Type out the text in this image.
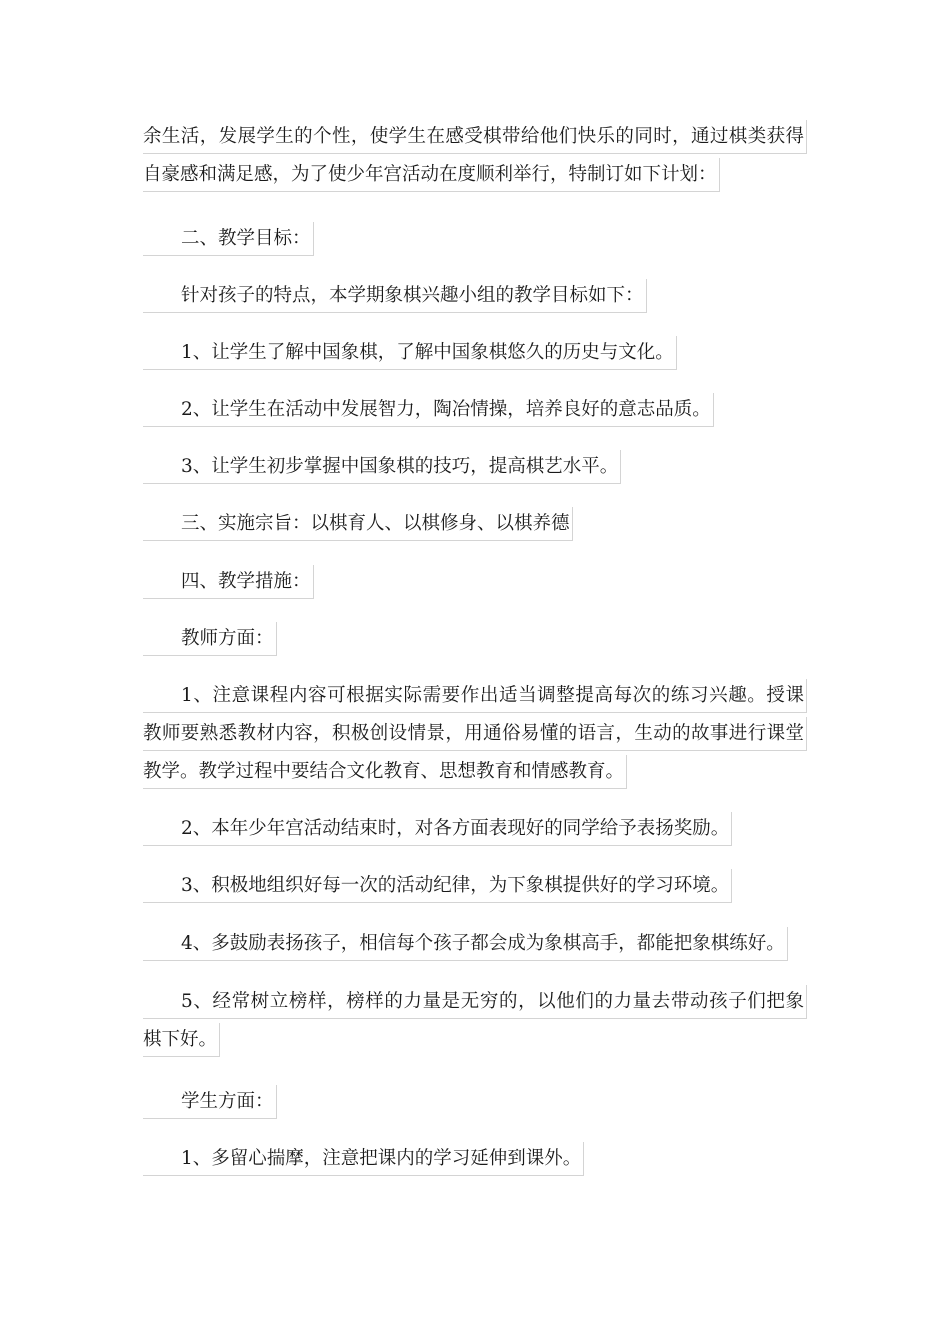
余生活，发展学生的个性，使学生在感受棋带给他们快乐的同时，通过棋类获得
自豪感和满足感，为了使少年宫活动在度顺利举行，特制订如下计划：
二、教学目标：
针对孩子的特点，本学期象棋兴趣小组的教学目标如下：
1、让学生了解中国象棋，了解中国象棋悠久的历史与文化。
2、让学生在活动中发展智力，陶冶情操，培养良好的意志品质。
3、让学生初步掌握中国象棋的技巧，提高棋艺水平。
三、实施宗旨：以棋育人、以棋修身、以棋养德
四、教学措施：
教师方面：
1、注意课程内容可根据实际需要作出适当调整提高每次的练习兴趣。授课
教师要熟悉教材内容，积极创设情景，用通俗易懂的语言，生动的故事进行课堂
教学。教学过程中要结合文化教育、思想教育和情感教育。
2、本年少年宫活动结束时，对各方面表现好的同学给予表扬奖励。
3、积极地组织好每一次的活动纪律，为下象棋提供好的学习环境。
4、多鼓励表扬孩子，相信每个孩子都会成为象棋高手，都能把象棋练好。
5、经常树立榜样，榜样的力量是无穷的，以他们的力量去带动孩子们把象
棋下好。
学生方面：
1、多留心揣摩，注意把课内的学习延伸到课外。
